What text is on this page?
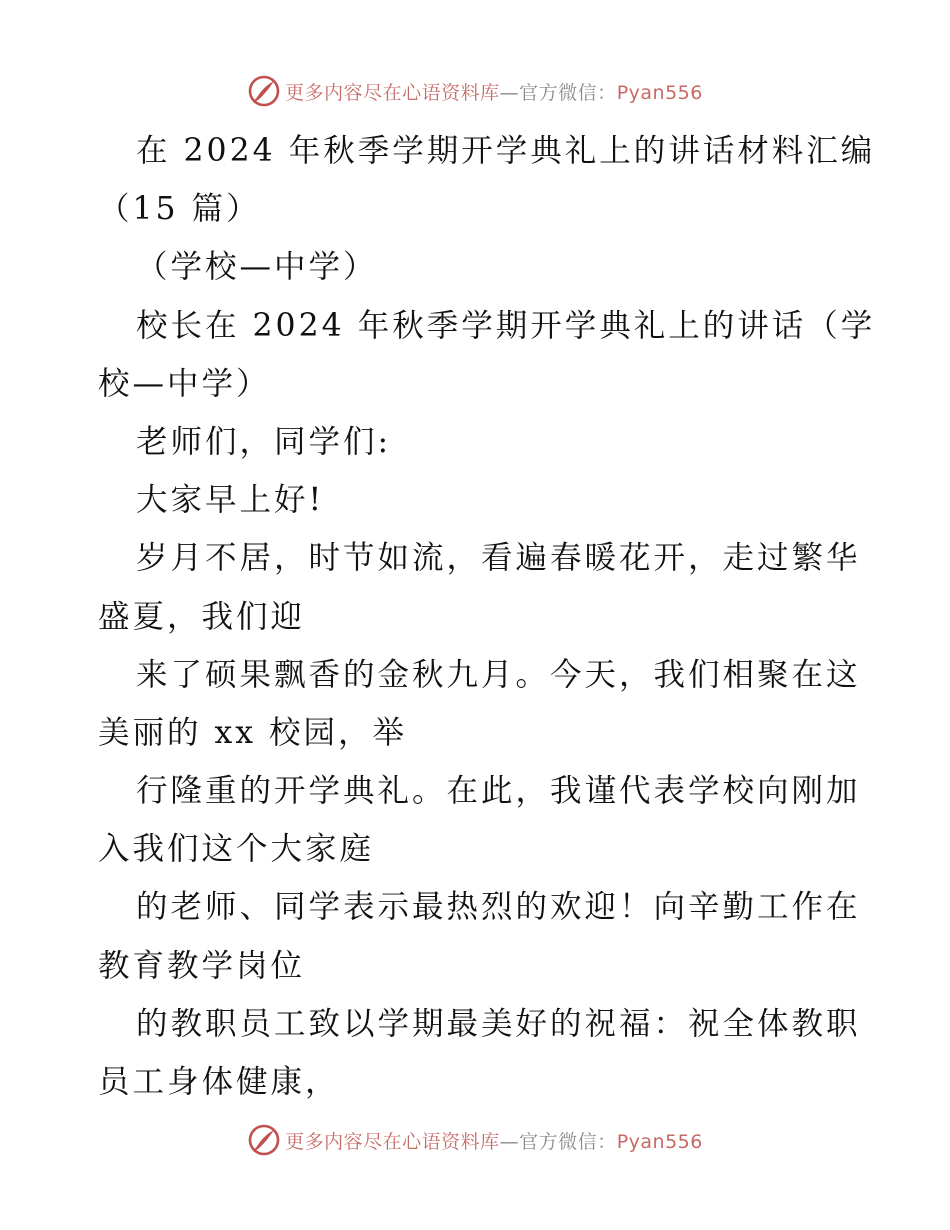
更多内容尽在心语资料库—官方微信：Pyan556
在 2024 年秋季学期开学典礼上的讲话材料汇编
（15 篇）
（学校—中学）
校长在 2024 年秋季学期开学典礼上的讲话（学
校—中学）
老师们，同学们:
大家早上好!
岁月不居，时节如流，看遍春暖花开，走过繁华
盛夏，我们迎
来了硕果飘香的金秋九月。今天，我们相聚在这
美丽的 xx 校园，举
行隆重的开学典礼。在此，我谨代表学校向刚加
入我们这个大家庭
的老师、同学表示最热烈的欢迎！向辛勤工作在
教育教学岗位
的教职员工致以学期最美好的祝福：祝全体教职
员工身体健康，
更多内容尽在心语资料库—官方微信：Pyan556
